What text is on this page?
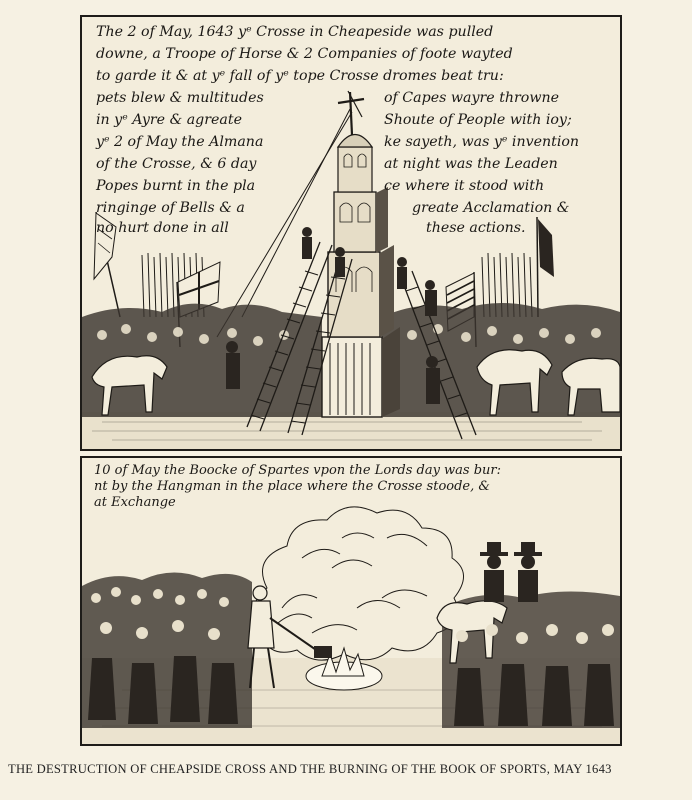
The 2 of May, 1643 yᵉ Crosse in Cheapeside was pulled
downe, a Troope of Horse & 2 Companies of foote wayted
to garde it & at yᵉ fall of yᵉ tope Crosse dromes beat tru:
pets blew & multitudes	of Capes wayre throwne
in yᵉ Ayre & agreate	Shoute of People with ioy;
yᵉ 2 of May the Almana	ke sayeth, was yᵉ invention
of the Crosse, & 6 day	at night was the Leaden
Popes burnt in the pla	ce where it stood with
ringinge of Bells & a	greate Acclamation &
no hurt done in all	these actions.
10 of May the Boocke of Spartes vpon the Lords day was bur:
nt by the Hangman in the place where the Crosse stoode, &
at Exchange
THE DESTRUCTION OF CHEAPSIDE CROSS AND THE BURNING OF THE BOOK OF SPORTS, MAY 1643
